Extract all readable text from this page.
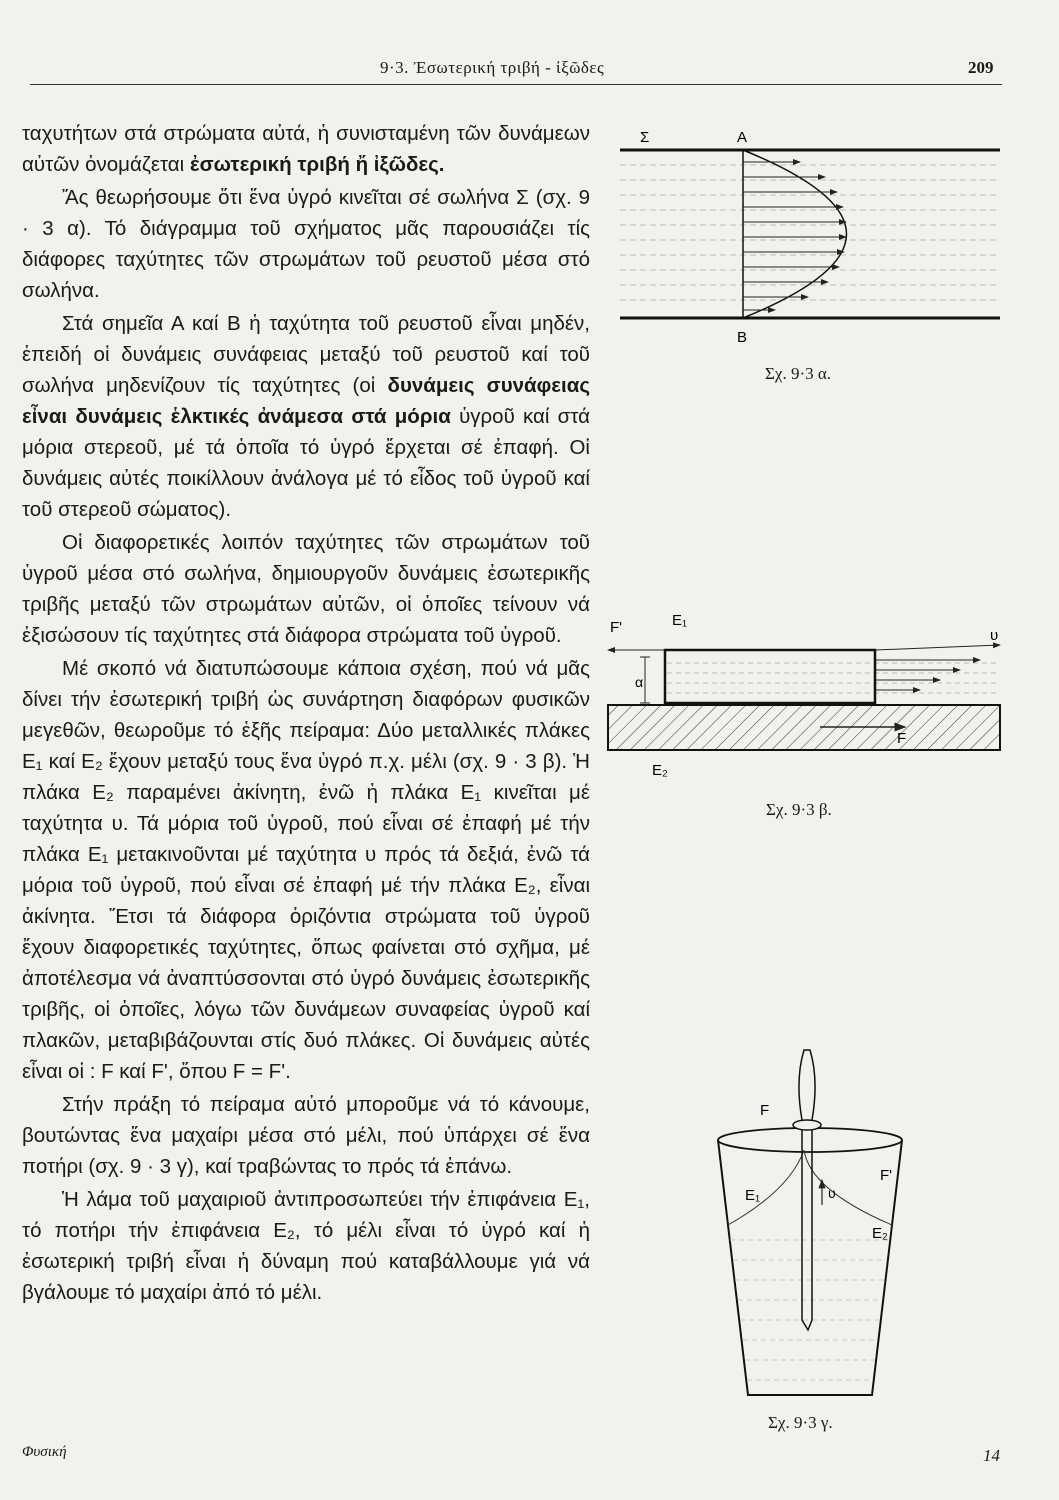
9·3. Ἐσωτερική τριβή - ἰξῶδες	209

ταχυτήτων στά στρώματα αὐτά, ἡ συνισταμένη τῶν δυνάμεων αὐτῶν ὀνομάζεται ἐσωτερική τριβή ἤ ἰξῶδες.

Ἄς θεωρήσουμε ὅτι ἕνα ὑγρό κινεῖται σέ σωλήνα Σ (σχ. 9 · 3 α). Τό διάγραμμα τοῦ σχήματος μᾶς παρουσιάζει τίς διάφορες ταχύτητες τῶν στρωμάτων τοῦ ρευστοῦ μέσα στό σωλήνα.

Στά σημεῖα Α καί Β ἡ ταχύτητα τοῦ ρευστοῦ εἶναι μηδέν, ἐπειδή οἱ δυνάμεις συνάφειας μεταξύ τοῦ ρευστοῦ καί τοῦ σωλήνα μηδενίζουν τίς ταχύτητες (οἱ δυνάμεις συνάφειας εἶναι δυνάμεις ἑλκτικές ἀνάμεσα στά μόρια ὑγροῦ καί στά μόρια στερεοῦ, μέ τά ὁποῖα τό ὑγρό ἔρχεται σέ ἐπαφή. Οἱ δυνάμεις αὐτές ποικίλλουν ἀνάλογα μέ τό εἶδος τοῦ ὑγροῦ καί τοῦ στερεοῦ σώματος).

Οἱ διαφορετικές λοιπόν ταχύτητες τῶν στρωμάτων τοῦ ὑγροῦ μέσα στό σωλήνα, δημιουργοῦν δυνάμεις ἐσωτερικῆς τριβῆς μεταξύ τῶν στρωμάτων αὐτῶν, οἱ ὁποῖες τείνουν νά ἐξισώσουν τίς ταχύτητες στά διάφορα στρώματα τοῦ ὑγροῦ.

Μέ σκοπό νά διατυπώσουμε κάποια σχέση, πού νά μᾶς δίνει τήν ἐσωτερική τριβή ὡς συνάρτηση διαφόρων φυσικῶν μεγεθῶν, θεωροῦμε τό ἑξῆς πείραμα: Δύο μεταλλικές πλάκες Ε₁ καί Ε₂ ἔχουν μεταξύ τους ἕνα ὑγρό π.χ. μέλι (σχ. 9 · 3 β). Ἡ πλάκα Ε₂ παραμένει ἀκίνητη, ἐνῶ ἡ πλάκα Ε₁ κινεῖται μέ ταχύτητα υ. Τά μόρια τοῦ ὑγροῦ, πού εἶναι σέ ἐπαφή μέ τήν πλάκα Ε₁ μετακινοῦνται μέ ταχύτητα υ πρός τά δεξιά, ἐνῶ τά μόρια τοῦ ὑγροῦ, πού εἶναι σέ ἐπαφή μέ τήν πλάκα Ε₂, εἶναι ἀκίνητα. Ἔτσι τά διάφορα ὁριζόντια στρώματα τοῦ ὑγροῦ ἔχουν διαφορετικές ταχύτητες, ὅπως φαίνεται στό σχῆμα, μέ ἀποτέλεσμα νά ἀναπτύσσονται στό ὑγρό δυνάμεις ἐσωτερικῆς τριβῆς, οἱ ὁποῖες, λόγω τῶν δυνάμεων συναφείας ὑγροῦ καί πλακῶν, μεταβιβάζουνται στίς δυό πλάκες. Οἱ δυνάμεις αὐτές εἶναι οἱ : F καί F', ὅπου F = F'.

Στήν πράξη τό πείραμα αὐτό μποροῦμε νά τό κάνουμε, βουτώντας ἕνα μαχαίρι μέσα στό μέλι, πού ὑπάρχει σέ ἕνα ποτήρι (σχ. 9 · 3 γ), καί τραβώντας το πρός τά ἐπάνω.

Ἡ λάμα τοῦ μαχαιριοῦ ἀντιπροσωπεύει τήν ἐπιφάνεια Ε₁, τό ποτήρι τήν ἐπιφάνεια Ε₂, τό μέλι εἶναι τό ὑγρό καί ἡ ἐσωτερική τριβή εἶναι ἡ δύναμη πού καταβάλλουμε γιά νά βγάλουμε τό μαχαίρι ἀπό τό μέλι.

Σ	Α
Β
Σχ. 9·3 α.
F'	E₁
υ
α
F
E₂
Σχ. 9·3 β.
F
E₁	υ
F'
E₂
Σχ. 9·3 γ.
Φυσική	14
